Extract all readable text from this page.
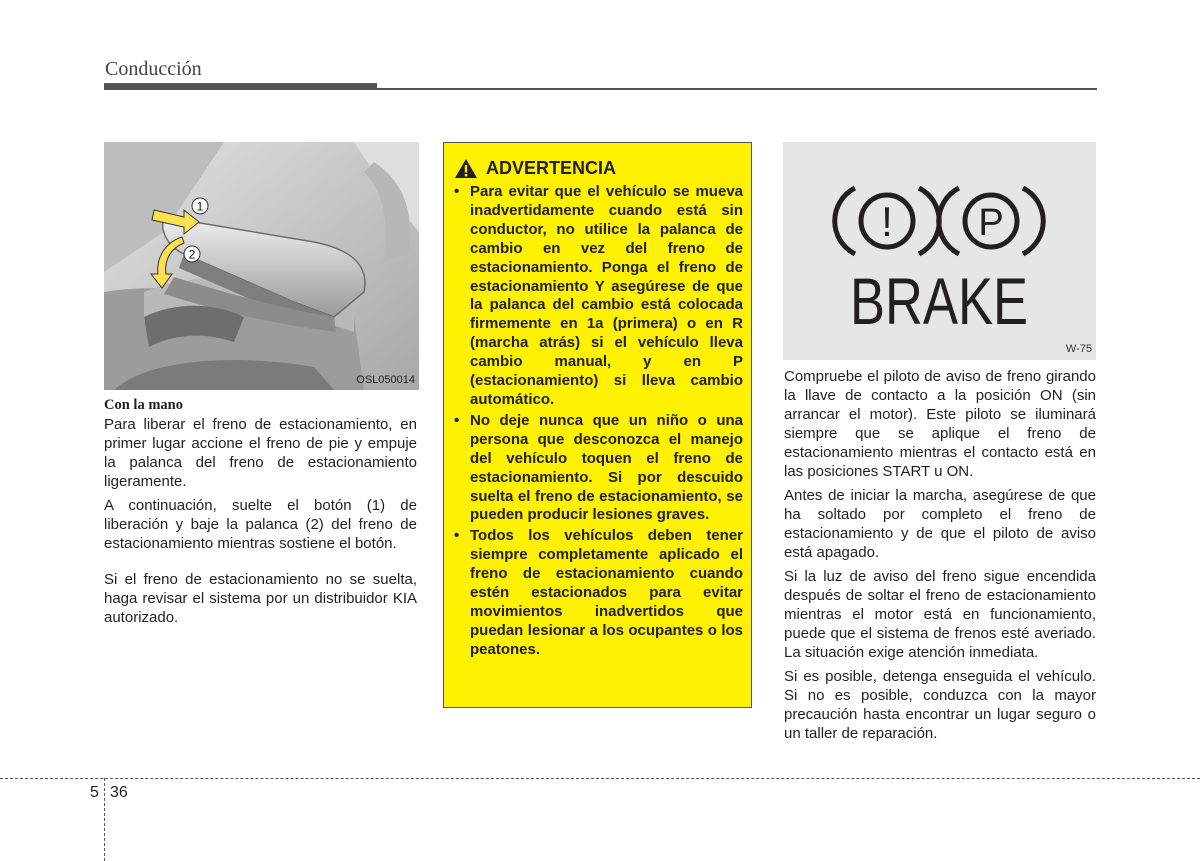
Conducción
1
2
OSL050014

Con la mano

Para liberar el freno de estacionamiento, en primer lugar accione el freno de pie y empuje la palanca del freno de estacionamiento ligeramente.

A continuación, suelte el botón (1) de liberación y baje la palanca (2) del freno de estacionamiento mientras sostiene el botón.

Si el freno de estacionamiento no se suelta, haga revisar el sistema por un distribuidor KIA autorizado.

ADVERTENCIA
• Para evitar que el vehículo se mueva inadvertidamente cuando está sin conductor, no utilice la palanca de cambio en vez del freno de estacionamiento. Ponga el freno de estacionamiento Y asegúrese de que la palanca del cambio está colocada firmemente en 1a (primera) o en R (marcha atrás) si el vehículo lleva cambio manual, y en P (estacionamiento) si lleva cambio automático.
• No deje nunca que un niño o una persona que desconozca el manejo del vehículo toquen el freno de estacionamiento. Si por descuido suelta el freno de estacionamiento, se pueden producir lesiones graves.
• Todos los vehículos deben tener siempre completamente aplicado el freno de estacionamiento cuando estén estacionados para evitar movimientos inadvertidos que puedan lesionar a los ocupantes o los peatones.
! P
BRAKE
W-75

Compruebe el piloto de aviso de freno girando la llave de contacto a la posición ON (sin arrancar el motor). Este piloto se iluminará siempre que se aplique el freno de estacionamiento mientras el contacto está en las posiciones START u ON.

Antes de iniciar la marcha, asegúrese de que ha soltado por completo el freno de estacionamiento y de que el piloto de aviso está apagado.

Si la luz de aviso del freno sigue encendida después de soltar el freno de estacionamiento mientras el motor está en funcionamiento, puede que el sistema de frenos esté averiado. La situación exige atención inmediata.

Si es posible, detenga enseguida el vehículo. Si no es posible, conduzca con la mayor precaución hasta encontrar un lugar seguro o un taller de reparación.

5 36
